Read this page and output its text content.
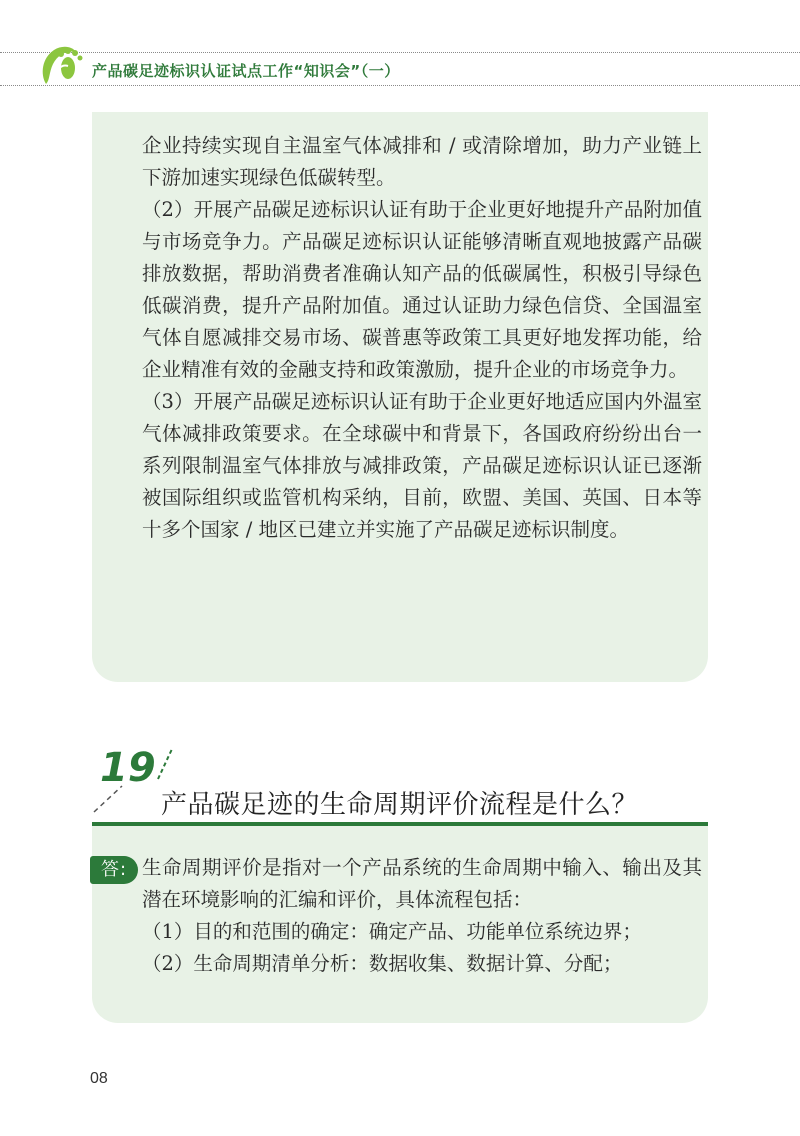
产品碳足迹标识认证试点工作“知识会”（一）

企业持续实现自主温室气体减排和 / 或清除增加，助力产业链上下游加速实现绿色低碳转型。

（2）开展产品碳足迹标识认证有助于企业更好地提升产品附加值与市场竞争力。产品碳足迹标识认证能够清晰直观地披露产品碳排放数据，帮助消费者准确认知产品的低碳属性，积极引导绿色低碳消费，提升产品附加值。通过认证助力绿色信贷、全国温室气体自愿减排交易市场、碳普惠等政策工具更好地发挥功能，给企业精准有效的金融支持和政策激励，提升企业的市场竞争力。

（3）开展产品碳足迹标识认证有助于企业更好地适应国内外温室气体减排政策要求。在全球碳中和背景下，各国政府纷纷出台一系列限制温室气体排放与减排政策，产品碳足迹标识认证已逐渐被国际组织或监管机构采纳，目前，欧盟、美国、英国、日本等十多个国家 / 地区已建立并实施了产品碳足迹标识制度。

19
产品碳足迹的生命周期评价流程是什么？

生命周期评价是指对一个产品系统的生命周期中输入、输出及其潜在环境影响的汇编和评价，具体流程包括：

（1）目的和范围的确定：确定产品、功能单位系统边界；

（2）生命周期清单分析：数据收集、数据计算、分配；

答:
08
